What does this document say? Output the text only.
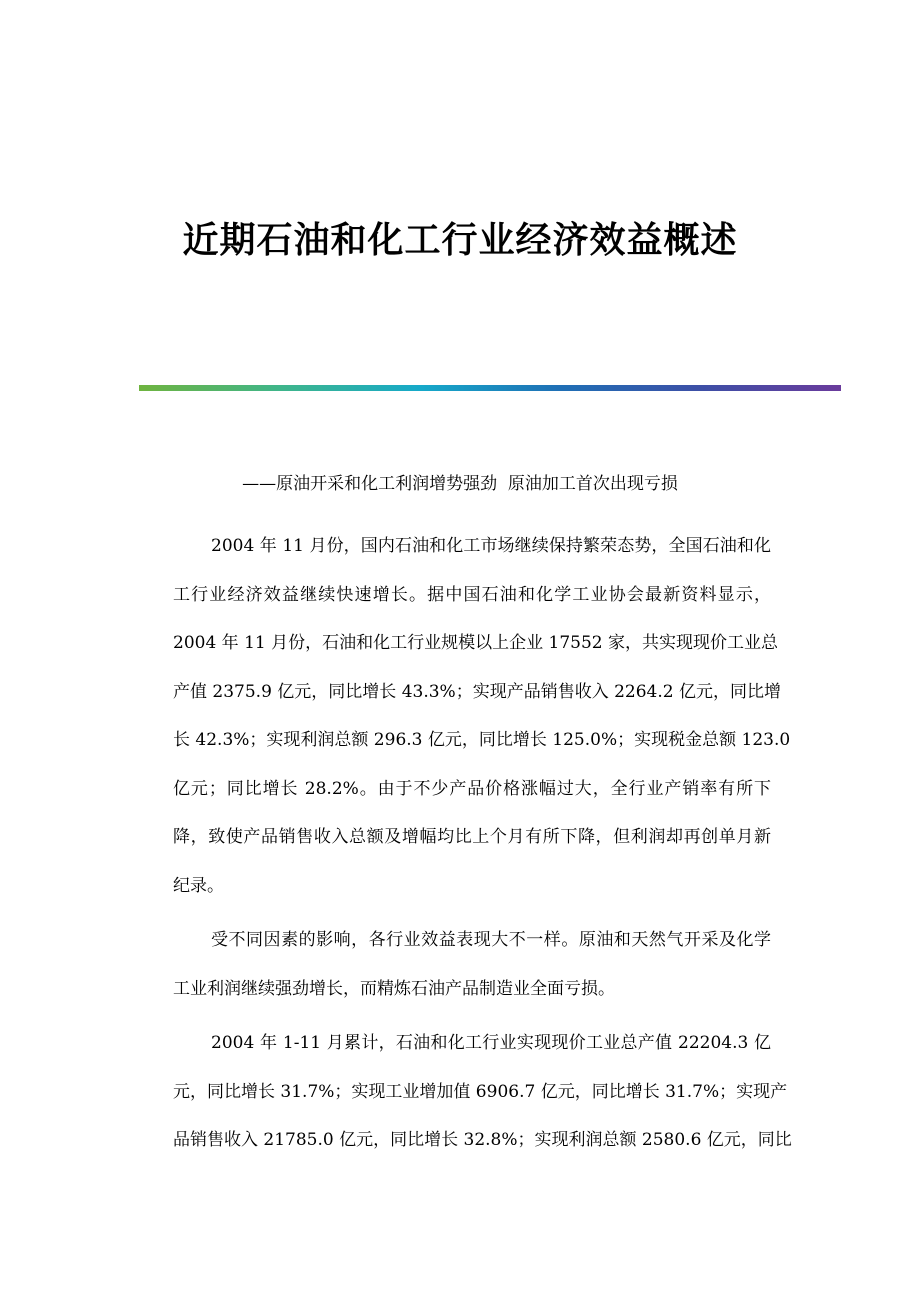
近期石油和化工行业经济效益概述
——原油开采和化工利润增势强劲  原油加工首次出现亏损
2004 年 11 月份，国内石油和化工市场继续保持繁荣态势，全国石油和化
工行业经济效益继续快速增长。据中国石油和化学工业协会最新资料显示，
2004 年 11 月份，石油和化工行业规模以上企业 17552 家，共实现现价工业总
产值 2375.9 亿元，同比增长 43.3%；实现产品销售收入 2264.2 亿元，同比增
长 42.3%；实现利润总额 296.3 亿元，同比增长 125.0%；实现税金总额 123.0
亿元；同比增长 28.2%。由于不少产品价格涨幅过大，全行业产销率有所下
降，致使产品销售收入总额及增幅均比上个月有所下降，但利润却再创单月新
纪录。
受不同因素的影响，各行业效益表现大不一样。原油和天然气开采及化学
工业利润继续强劲增长，而精炼石油产品制造业全面亏损。
2004 年 1-11 月累计，石油和化工行业实现现价工业总产值 22204.3 亿
元，同比增长 31.7%；实现工业增加值 6906.7 亿元，同比增长 31.7%；实现产
品销售收入 21785.0 亿元，同比增长 32.8%；实现利润总额 2580.6 亿元，同比
